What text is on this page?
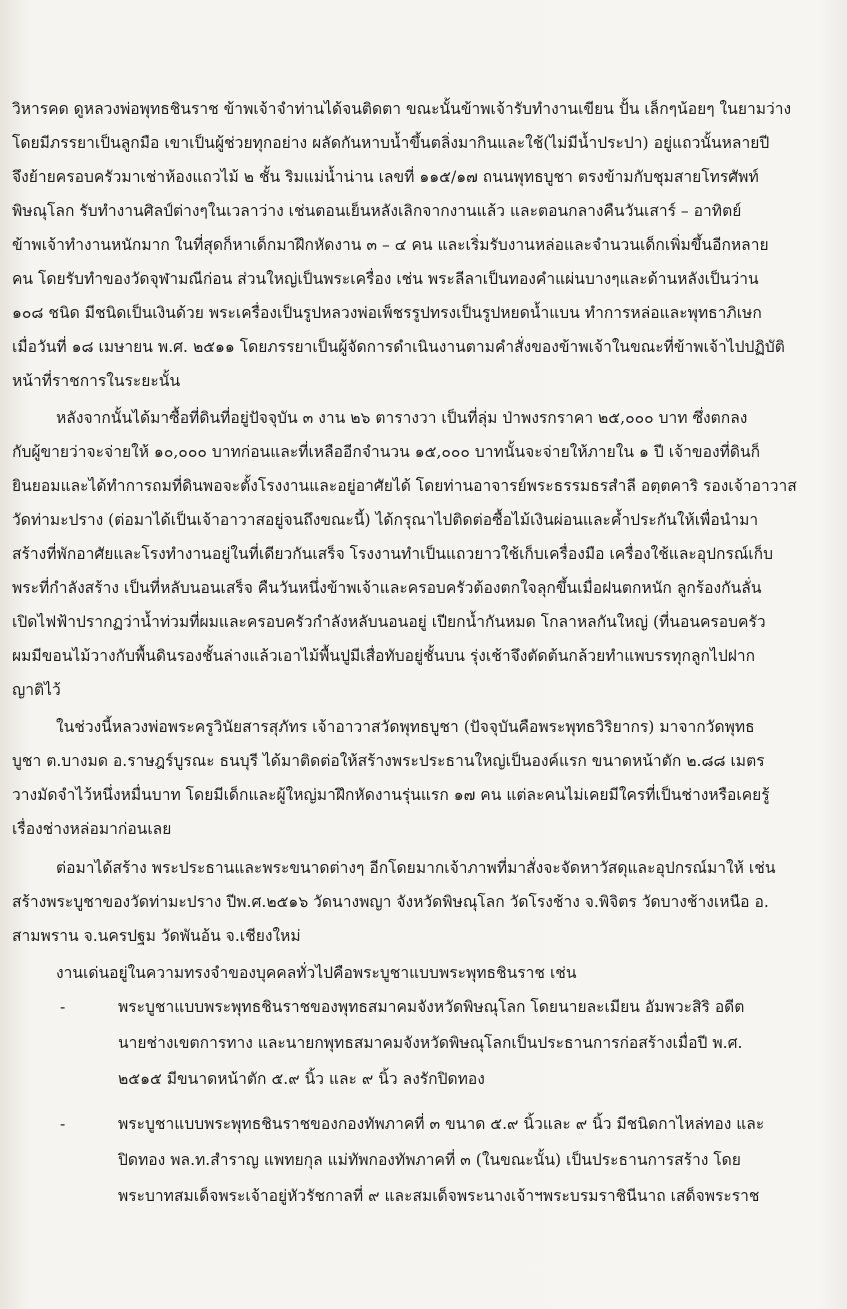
วิหารคด ดูหลวงพ่อพุทธชินราช ข้าพเจ้าจำท่านได้จนติดตา ขณะนั้นข้าพเจ้ารับทำงานเขียน ปั้น เล็กๆน้อยๆ ในยามว่าง
โดยมีภรรยาเป็นลูกมือ เขาเป็นผู้ช่วยทุกอย่าง ผลัดกันหาบน้ำขึ้นตลิ่งมากินและใช้(ไม่มีน้ำประปา) อยู่แถวนั้นหลายปี
จึงย้ายครอบครัวมาเช่าห้องแถวไม้ ๒ ชั้น ริมแม่น้ำน่าน เลขที่ ๑๑๕/๑๗ ถนนพุทธบูชา ตรงข้ามกับชุมสายโทรศัพท์
พิษณุโลก รับทำงานศิลป์ต่างๆในเวลาว่าง เช่นตอนเย็นหลังเลิกจากงานแล้ว และตอนกลางคืนวันเสาร์ – อาทิตย์
ข้าพเจ้าทำงานหนักมาก ในที่สุดก็หาเด็กมาฝึกหัดงาน ๓ – ๔ คน และเริ่มรับงานหล่อและจำนวนเด็กเพิ่มขึ้นอีกหลาย
คน โดยรับทำของวัดจุฬามณีก่อน ส่วนใหญ่เป็นพระเครื่อง เช่น พระลีลาเป็นทองคำแผ่นบางๆและด้านหลังเป็นว่าน
๑๐๘ ชนิด มีชนิดเป็นเงินด้วย พระเครื่องเป็นรูปหลวงพ่อเพ็ชรรูปทรงเป็นรูปหยดน้ำแบน ทำการหล่อและพุทธาภิเษก
เมื่อวันที่ ๑๘ เมษายน พ.ศ. ๒๕๑๑ โดยภรรยาเป็นผู้จัดการดำเนินงานตามคำสั่งของข้าพเจ้าในขณะที่ข้าพเจ้าไปปฏิบัติ
หน้าที่ราชการในระยะนั้น
หลังจากนั้นได้มาซื้อที่ดินที่อยู่ปัจจุบัน ๓ งาน ๒๖ ตารางวา เป็นที่ลุ่ม ป่าพงรกราคา ๒๕,๐๐๐ บาท ซึ่งตกลง
กับผู้ขายว่าจะจ่ายให้ ๑๐,๐๐๐ บาทก่อนและที่เหลืออีกจำนวน ๑๕,๐๐๐ บาทนั้นจะจ่ายให้ภายใน ๑ ปี เจ้าของที่ดินก็
ยินยอมและได้ทำการถมที่ดินพอจะตั้งโรงงานและอยู่อาศัยได้ โดยท่านอาจารย์พระธรรมธรสำลี อตฺตคาริ รองเจ้าอาวาส
วัดท่ามะปราง (ต่อมาได้เป็นเจ้าอาวาสอยู่จนถึงขณะนี้) ได้กรุณาไปติดต่อซื้อไม้เงินผ่อนและค้ำประกันให้เพื่อนำมา
สร้างที่พักอาศัยและโรงทำงานอยู่ในที่เดียวกันเสร็จ โรงงานทำเป็นแถวยาวใช้เก็บเครื่องมือ เครื่องใช้และอุปกรณ์เก็บ
พระที่กำลังสร้าง เป็นที่หลับนอนเสร็จ คืนวันหนึ่งข้าพเจ้าและครอบครัวต้องตกใจลุกขึ้นเมื่อฝนตกหนัก ลูกร้องกันลั่น
เปิดไฟฟ้าปรากฏว่าน้ำท่วมที่ผมและครอบครัวกำลังหลับนอนอยู่ เปียกน้ำกันหมด โกลาหลกันใหญ่ (ที่นอนครอบครัว
ผมมีขอนไม้วางกับพื้นดินรองชั้นล่างแล้วเอาไม้พื้นปูมีเสื่อทับอยู่ชั้นบน รุ่งเช้าจึงตัดต้นกล้วยทำแพบรรทุกลูกไปฝาก
ญาติไว้
ในช่วงนี้หลวงพ่อพระครูวินัยสารสุภัทร เจ้าอาวาสวัดพุทธบูชา (ปัจจุบันคือพระพุทธวิริยากร) มาจากวัดพุทธ
บูชา ต.บางมด อ.ราษฎร์บูรณะ ธนบุรี ได้มาติดต่อให้สร้างพระประธานใหญ่เป็นองค์แรก ขนาดหน้าตัก ๒.๘๘ เมตร
วางมัดจำไว้หนึ่งหมื่นบาท โดยมีเด็กและผู้ใหญ่มาฝึกหัดงานรุ่นแรก ๑๗ คน แต่ละคนไม่เคยมีใครที่เป็นช่างหรือเคยรู้
เรื่องช่างหล่อมาก่อนเลย
ต่อมาได้สร้าง พระประธานและพระขนาดต่างๆ อีกโดยมากเจ้าภาพที่มาสั่งจะจัดหาวัสดุและอุปกรณ์มาให้ เช่น
สร้างพระบูชาของวัดท่ามะปราง ปีพ.ศ.๒๕๑๖ วัดนางพญา จังหวัดพิษณุโลก วัดโรงช้าง จ.พิจิตร วัดบางช้างเหนือ อ.
สามพราน จ.นครปฐม วัดพันอ้น จ.เชียงใหม่
งานเด่นอยู่ในความทรงจำของบุคคลทั่วไปคือพระบูชาแบบพระพุทธชินราช เช่น
-	พระบูชาแบบพระพุทธชินราชของพุทธสมาคมจังหวัดพิษณุโลก โดยนายละเมียน อัมพวะสิริ อดีต
นายช่างเขตการทาง และนายกพุทธสมาคมจังหวัดพิษณุโลกเป็นประธานการก่อสร้างเมื่อปี พ.ศ.
๒๕๑๕ มีขนาดหน้าตัก ๕.๙ นิ้ว และ ๙ นิ้ว ลงรักปิดทอง
-	พระบูชาแบบพระพุทธชินราชของกองทัพภาคที่ ๓ ขนาด ๕.๙ นิ้วและ ๙ นิ้ว มีชนิดกาไหล่ทอง และ
ปิดทอง พล.ท.สำราญ แพทยกุล แม่ทัพกองทัพภาคที่ ๓ (ในขณะนั้น) เป็นประธานการสร้าง โดย
พระบาทสมเด็จพระเจ้าอยู่หัวรัชกาลที่ ๙ และสมเด็จพระนางเจ้าฯพระบรมราชินีนาถ เสด็จพระราช
